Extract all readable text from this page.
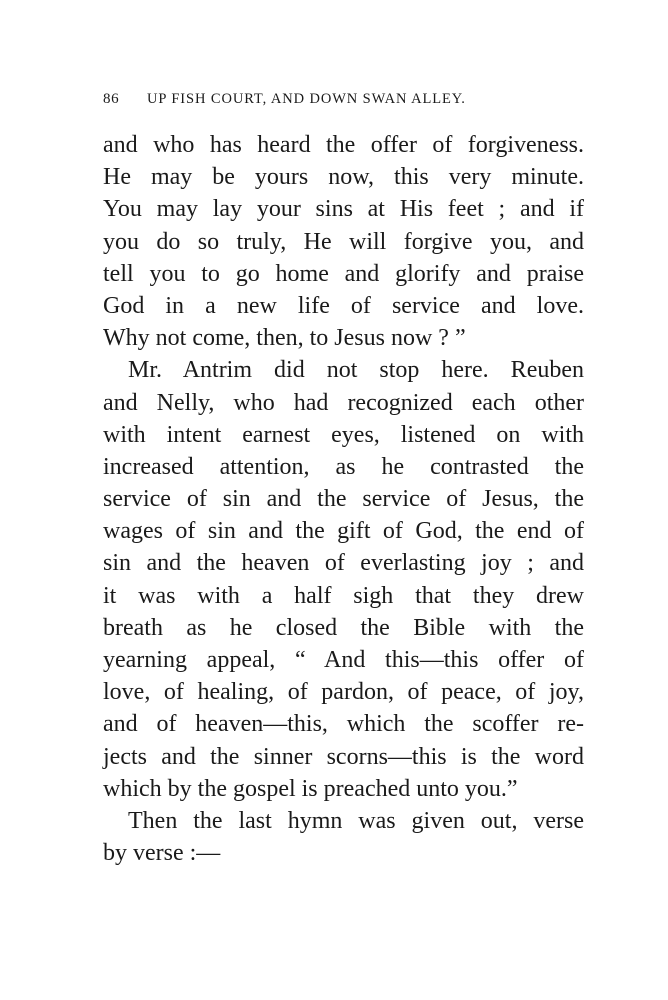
86 UP FISH COURT, AND DOWN SWAN ALLEY.
and who has heard the offer of forgiveness.
He may be yours now, this very minute.
You may lay your sins at His feet ; and if
you do so truly, He will forgive you, and
tell you to go home and glorify and praise
God in a new life of service and love.
Why not come, then, to Jesus now ? ”
Mr. Antrim did not stop here. Reuben
and Nelly, who had recognized each other
with intent earnest eyes, listened on with
increased attention, as he contrasted the
service of sin and the service of Jesus, the
wages of sin and the gift of God, the end of
sin and the heaven of everlasting joy ; and
it was with a half sigh that they drew
breath as he closed the Bible with the
yearning appeal, “ And this—this offer of
love, of healing, of pardon, of peace, of joy,
and of heaven—this, which the scoffer re-
jects and the sinner scorns—this is the word
which by the gospel is preached unto you.”
Then the last hymn was given out, verse
by verse :—
